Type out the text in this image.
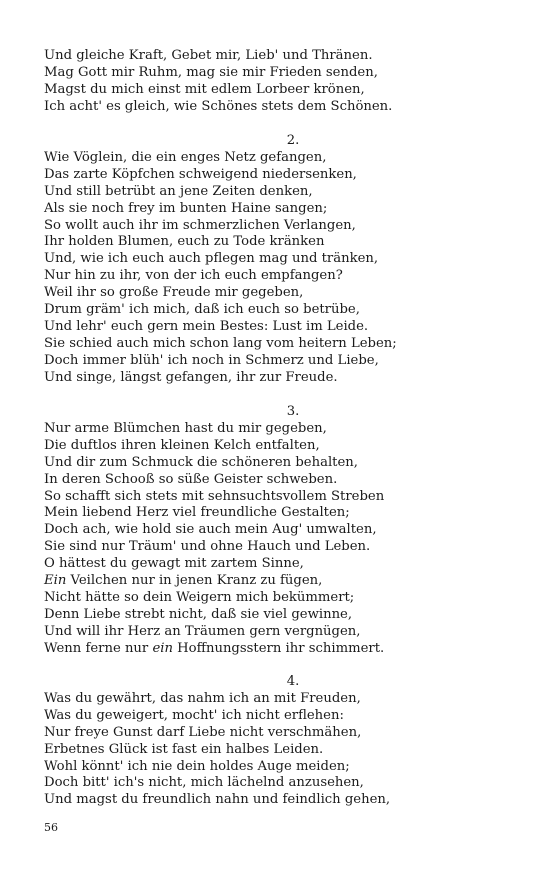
Und gleiche Kraft, Gebet mir, Lieb' und Thränen.
Mag Gott mir Ruhm, mag sie mir Frieden senden,
Magst du mich einst mit edlem Lorbeer krönen,
Ich acht' es gleich, wie Schönes stets dem Schönen.
2.
Wie Vöglein, die ein enges Netz gefangen,
Das zarte Köpfchen schweigend niedersenken,
Und still betrübt an jene Zeiten denken,
Als sie noch frey im bunten Haine sangen;
So wollt auch ihr im schmerzlichen Verlangen,
Ihr holden Blumen, euch zu Tode kränken
Und, wie ich euch auch pflegen mag und tränken,
Nur hin zu ihr, von der ich euch empfangen?
Weil ihr so große Freude mir gegeben,
Drum gräm' ich mich, daß ich euch so betrübe,
Und lehr' euch gern mein Bestes: Lust im Leide.
Sie schied auch mich schon lang vom heitern Leben;
Doch immer blüh' ich noch in Schmerz und Liebe,
Und singe, längst gefangen, ihr zur Freude.
3.
Nur arme Blümchen hast du mir gegeben,
Die duftlos ihren kleinen Kelch entfalten,
Und dir zum Schmuck die schöneren behalten,
In deren Schooß so süße Geister schweben.
So schafft sich stets mit sehnsuchtsvollem Streben
Mein liebend Herz viel freundliche Gestalten;
Doch ach, wie hold sie auch mein Aug' umwalten,
Sie sind nur Träum' und ohne Hauch und Leben.
O hättest du gewagt mit zartem Sinne,
Ein Veilchen nur in jenen Kranz zu fügen,
Nicht hätte so dein Weigern mich bekümmert;
Denn Liebe strebt nicht, daß sie viel gewinne,
Und will ihr Herz an Träumen gern vergnügen,
Wenn ferne nur ein Hoffnungsstern ihr schimmert.
4.
Was du gewährt, das nahm ich an mit Freuden,
Was du geweigert, mocht' ich nicht erflehen:
Nur freye Gunst darf Liebe nicht verschmähen,
Erbetnes Glück ist fast ein halbes Leiden.
Wohl könnt' ich nie dein holdes Auge meiden;
Doch bitt' ich's nicht, mich lächelnd anzusehen,
Und magst du freundlich nahn und feindlich gehen,
56
